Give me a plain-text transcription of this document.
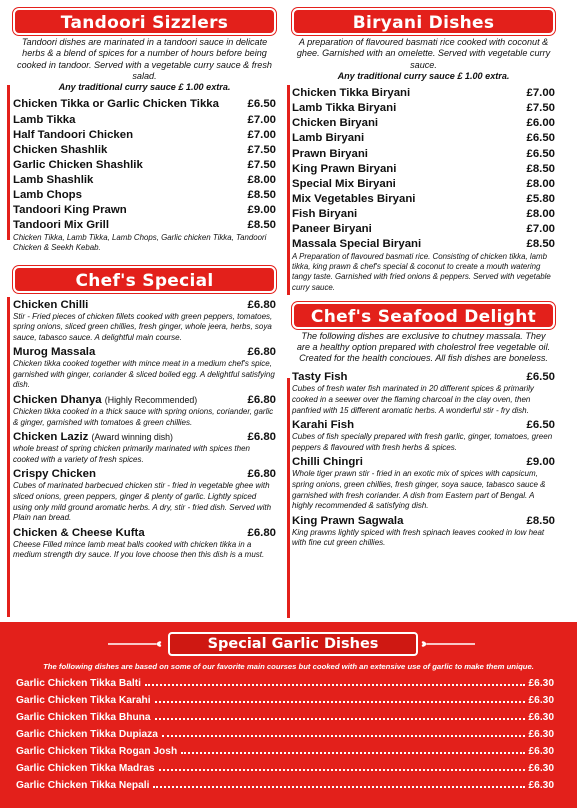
Tandoori Sizzlers
Tandoori dishes are marinated in a tandoori sauce in delicate herbs & a blend of spices for a number of hours before being cooked in tandoor. Served with a vegetable curry sauce & fresh salad.
Any traditional curry sauce £ 1.00 extra.
Chicken Tikka or Garlic Chicken Tikka	£6.50
Lamb Tikka	£7.00
Half Tandoori Chicken	£7.00
Chicken Shashlik	£7.50
Garlic Chicken Shashlik	£7.50
Lamb Shashlik	£8.00
Lamb Chops	£8.50
Tandoori King Prawn	£9.00
Tandoori Mix Grill	£8.50
Chicken Tikka, Lamb Tikka, Lamb Chops, Garlic chicken Tikka, Tandoori Chicken & Seekh Kebab.
Chef's Special
Chicken Chilli	£6.80
Stir - Fried pieces of chicken fillets cooked with green peppers, tomatoes, spring onions, sliced green chillies, fresh ginger, whole jeera, herbs, soya sauce, tabasco sauce. A delightful main course.
Murog Massala	£6.80
Chicken tikka cooked together with mince meat in a medium chef's spice, garnished with ginger, coriander & sliced boiled egg. A delightful satisfying dish.
Chicken Dhanya (Highly Recommended)	£6.80
Chicken tikka cooked in a thick sauce with spring onions, coriander, garlic & ginger, garnished with tomatoes & green chillies.
Chicken Laziz (Award winning dish)	£6.80
whole breast of spring chicken primarily marinated with spices then cooked with a variety of fresh spices.
Crispy Chicken	£6.80
Cubes of marinated barbecued chicken stir - fried in vegetable ghee with sliced onions, green peppers, ginger & plenty of garlic. Lightly spiced using only mild ground aromatic herbs. A dry, stir - fried dish. Served with Plain nan bread.
Chicken & Cheese Kufta	£6.80
Cheese Filled mince lamb meat balls cooked with chicken tikka in a medium strength dry sauce. If you love choose then this dish is a must.
Biryani Dishes
A preparation of flavoured basmati rice cooked with coconut & ghee. Garnished with an omelette. Served with vegetable curry sauce.
Any traditional curry sauce £ 1.00 extra.
Chicken Tikka Biryani	£7.00
Lamb Tikka Biryani	£7.50
Chicken Biryani	£6.00
Lamb Biryani	£6.50
Prawn Biryani	£6.50
King Prawn Biryani	£8.50
Special Mix Biryani	£8.00
Mix Vegetables Biryani	£5.80
Fish Biryani	£8.00
Paneer Biryani	£7.00
Massala Special Biryani	£8.50
A Preparation of flavoured basmati rice. Consisting of chicken tikka, lamb tikka, king prawn & chef's special & coconut to create a mouth watering tangy taste. Garnished with fried onions & peppers. Served with vegetable curry sauce.
Chef's Seafood Delight
The following dishes are exclusive to chutney massala. They are a healthy option prepared with cholestrol free vegetable oil. Created for the health concioues. All fish dishes are boneless.
Tasty Fish	£6.50
Cubes of fresh water fish marinated in 20 different spices & primarily cooked in a seewer over the flaming charcoal in the clay oven, then panfried with 15 different aromatic herbs. A wonderful stir - fry dish.
Karahi Fish	£6.50
Cubes of fish specially prepared with fresh garlic, ginger, tomatoes, green peppers & flavoured with fresh herbs & spices.
Chilli Chingri	£9.00
Whole tiger prawn stir - fried in an exotic mix of spices with capsicum, spring onions, green chillies, fresh ginger, soya sauce, tabasco sauce & garnished with fresh coriander. A dish from Eastern part of Bengal. A highly recommended & satisfying dish.
King Prawn Sagwala	£8.50
King prawns lightly spiced with fresh spinach leaves cooked in low heat with fine cut green chillies.
Special Garlic Dishes
The following dishes are based on some of our favorite main courses but cooked with an extensive use of garlic to make them unique.
Garlic Chicken Tikka Balti	£6.30
Garlic Chicken Tikka Karahi	£6.30
Garlic Chicken Tikka Bhuna	£6.30
Garlic Chicken Tikka Dupiaza	£6.30
Garlic Chicken Tikka Rogan Josh	£6.30
Garlic Chicken Tikka Madras	£6.30
Garlic Chicken Tikka Nepali	£6.30
